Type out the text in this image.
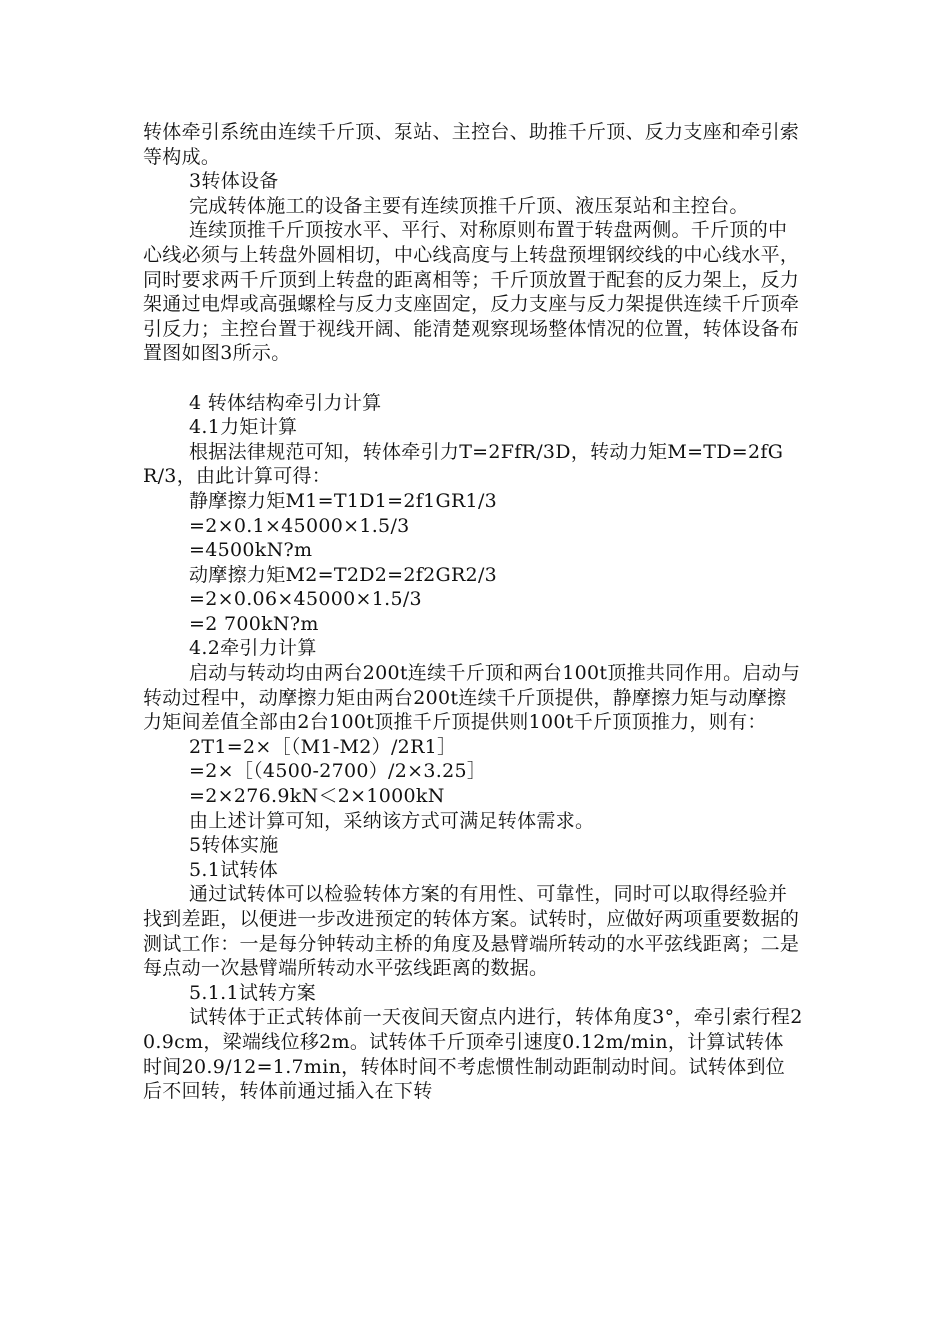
转体牵引系统由连续千斤顶、泵站、主控台、助推千斤顶、反力支座和牵引索等构成。

3转体设备

完成转体施工的设备主要有连续顶推千斤顶、液压泵站和主控台。

连续顶推千斤顶按水平、平行、对称原则布置于转盘两侧。千斤顶的中心线必须与上转盘外圆相切，中心线高度与上转盘预埋钢绞线的中心线水平，同时要求两千斤顶到上转盘的距离相等；千斤顶放置于配套的反力架上，反力架通过电焊或高强螺栓与反力支座固定，反力支座与反力架提供连续千斤顶牵引反力；主控台置于视线开阔、能清楚观察现场整体情况的位置，转体设备布置图如图3所示。

4 转体结构牵引力计算

4.1力矩计算

根据法律规范可知，转体牵引力T=2FfR/3D，转动力矩M=TD=2fGR/3，由此计算可得：

静摩擦力矩M1=T1D1=2f1GR1/3

=2×0.1×45000×1.5/3

=4500kN?m

动摩擦力矩M2=T2D2=2f2GR2/3

=2×0.06×45000×1.5/3

=2 700kN?m

4.2牵引力计算

启动与转动均由两台200t连续千斤顶和两台100t顶推共同作用。启动与转动过程中，动摩擦力矩由两台200t连续千斤顶提供，静摩擦力矩与动摩擦力矩间差值全部由2台100t顶推千斤顶提供则100t千斤顶顶推力，则有：

2T1=2×［（M1-M2）/2R1］

=2×［（4500-2700）/2×3.25］

=2×276.9kN＜2×1000kN

由上述计算可知，采纳该方式可满足转体需求。

5转体实施

5.1试转体

通过试转体可以检验转体方案的有用性、可靠性，同时可以取得经验并找到差距，以便进一步改进预定的转体方案。试转时，应做好两项重要数据的测试工作：一是每分钟转动主桥的角度及悬臂端所转动的水平弦线距离；二是每点动一次悬臂端所转动水平弦线距离的数据。

5.1.1试转方案

试转体于正式转体前一天夜间天窗点内进行，转体角度3°，牵引索行程20.9cm，梁端线位移2m。试转体千斤顶牵引速度0.12m/min，计算试转体时间20.9/12=1.7min，转体时间不考虑惯性制动距制动时间。试转体到位后不回转，转体前通过插入在下转
